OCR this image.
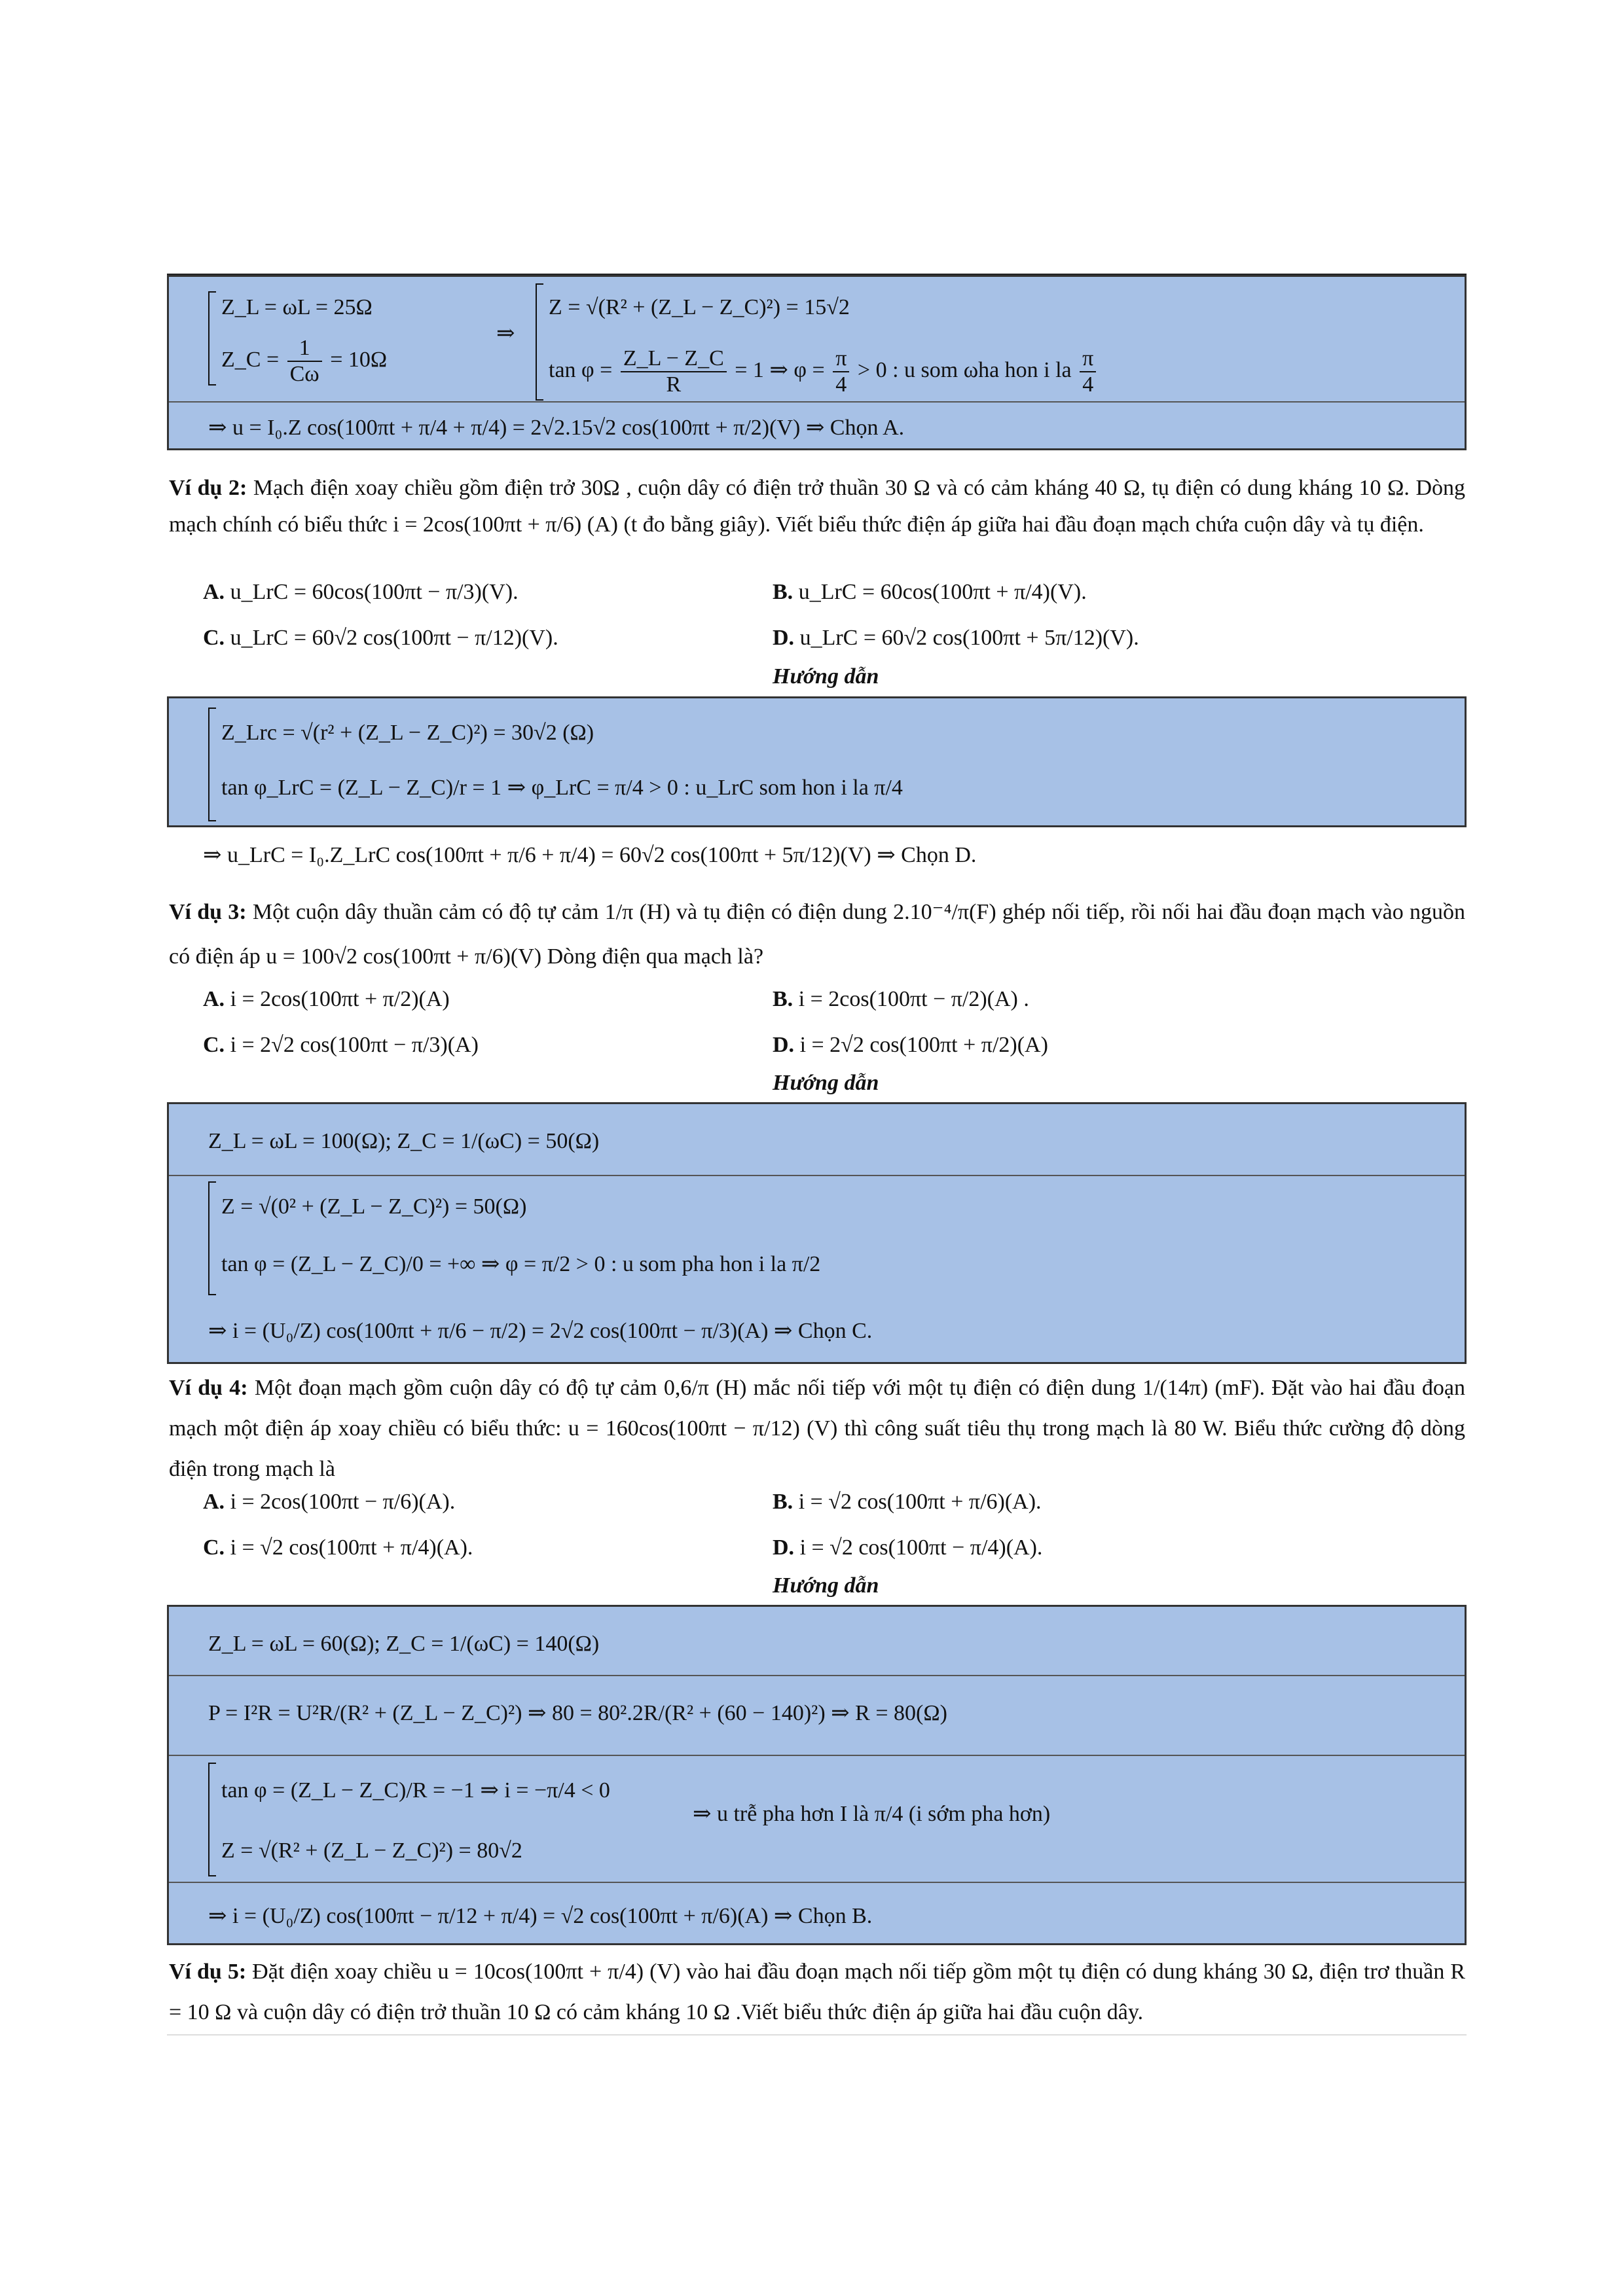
Z_L = ωL = 25Ω
Z_C = $\frac{1}{C\omega} = 10\Omega$
⇒
Z = √(R² + (Z_L − Z_C)²) = 15√2
$\tan \varphi = \frac{Z\_L - Z\_C}{R} = 1$ ⇒ $\varphi = \frac{\pi}{4} > 0$ : u som ωha hon i la $\frac{\pi}{4}$
⇒ u = I₀.Z cos(100πt + π/4 + π/4) = 2√2.15√2 cos(100πt + π/2)(V) ⇒ Chọn A.
Ví dụ 2: Mạch điện xoay chiều gồm điện trở 30Ω , cuộn dây có điện trở thuần 30 Ω và có cảm kháng 40 Ω, tụ điện có dung kháng 10 Ω. Dòng mạch chính có biểu thức i = 2cos(100πt + π/6) (A) (t đo bằng giây). Viết biểu thức điện áp giữa hai đầu đoạn mạch chứa cuộn dây và tụ điện.
A. u_LrC = 60cos(100πt − π/3)(V).	B. u_LrC = 60cos(100πt + π/4)(V).
C. u_LrC = 60√2 cos(100πt − π/12)(V).	D. u_LrC = 60√2 cos(100πt + 5π/12)(V).
Hướng dẫn
Z_Lrc = √(r² + (Z_L − Z_C)²) = 30√2 (Ω)
tan φ_LrC = (Z_L − Z_C)/r = 1 ⇒ φ_LrC = π/4 > 0 : u_LrC som hon i la π/4
⇒ u_LrC = I₀.Z_LrC cos(100πt + π/6 + π/4) = 60√2 cos(100πt + 5π/12)(V) ⇒ Chọn D.
Ví dụ 3: Một cuộn dây thuần cảm có độ tự cảm 1/π (H) và tụ điện có điện dung 2.10⁻⁴/π(F) ghép nối tiếp, rồi nối hai đầu đoạn mạch vào nguồn có điện áp u = 100√2 cos(100πt + π/6)(V) Dòng điện qua mạch là?
A. i = 2cos(100πt + π/2)(A)	B. i = 2cos(100πt − π/2)(A) .
C. i = 2√2 cos(100πt − π/3)(A)	D. i = 2√2 cos(100πt + π/2)(A)
Hướng dẫn
Z_L = ωL = 100(Ω); Z_C = 1/(ωC) = 50(Ω)
Z = √(0² + (Z_L − Z_C)²) = 50(Ω)
tan φ = (Z_L − Z_C)/0 = +∞ ⇒ φ = π/2 > 0 : u som pha hon i la π/2
⇒ i = (U₀/Z) cos(100πt + π/6 − π/2) = 2√2 cos(100πt − π/3)(A) ⇒ Chọn C.
Ví dụ 4: Một đoạn mạch gồm cuộn dây có độ tự cảm 0,6/π (H) mắc nối tiếp với một tụ điện có điện dung 1/(14π) (mF). Đặt vào hai đầu đoạn mạch một điện áp xoay chiều có biểu thức: u = 160cos(100πt − π/12) (V) thì công suất tiêu thụ trong mạch là 80 W. Biểu thức cường độ dòng điện trong mạch là
A. i = 2cos(100πt − π/6)(A).	B. i = √2 cos(100πt + π/6)(A).
C. i = √2 cos(100πt + π/4)(A).	D. i = √2 cos(100πt − π/4)(A).
Hướng dẫn
Z_L = ωL = 60(Ω); Z_C = 1/(ωC) = 140(Ω)
P = I²R = U²R/(R² + (Z_L − Z_C)²) ⇒ 80 = 80².2R/(R² + (60 − 140)²) ⇒ R = 80(Ω)
tan φ = (Z_L − Z_C)/R = −1 ⇒ i = −π/4 < 0
⇒ u trễ pha hơn I là π/4 (i sớm pha hơn)
Z = √(R² + (Z_L − Z_C)²) = 80√2
⇒ i = (U₀/Z) cos(100πt − π/12 + π/4) = √2 cos(100πt + π/6)(A) ⇒ Chọn B.
Ví dụ 5: Đặt điện xoay chiều u = 10cos(100πt + π/4) (V) vào hai đầu đoạn mạch nối tiếp gồm một tụ điện có dung kháng 30 Ω, điện trơ thuần R = 10 Ω và cuộn dây có điện trở thuần 10 Ω có cảm kháng 10 Ω .Viết biểu thức điện áp giữa hai đầu cuộn dây.
